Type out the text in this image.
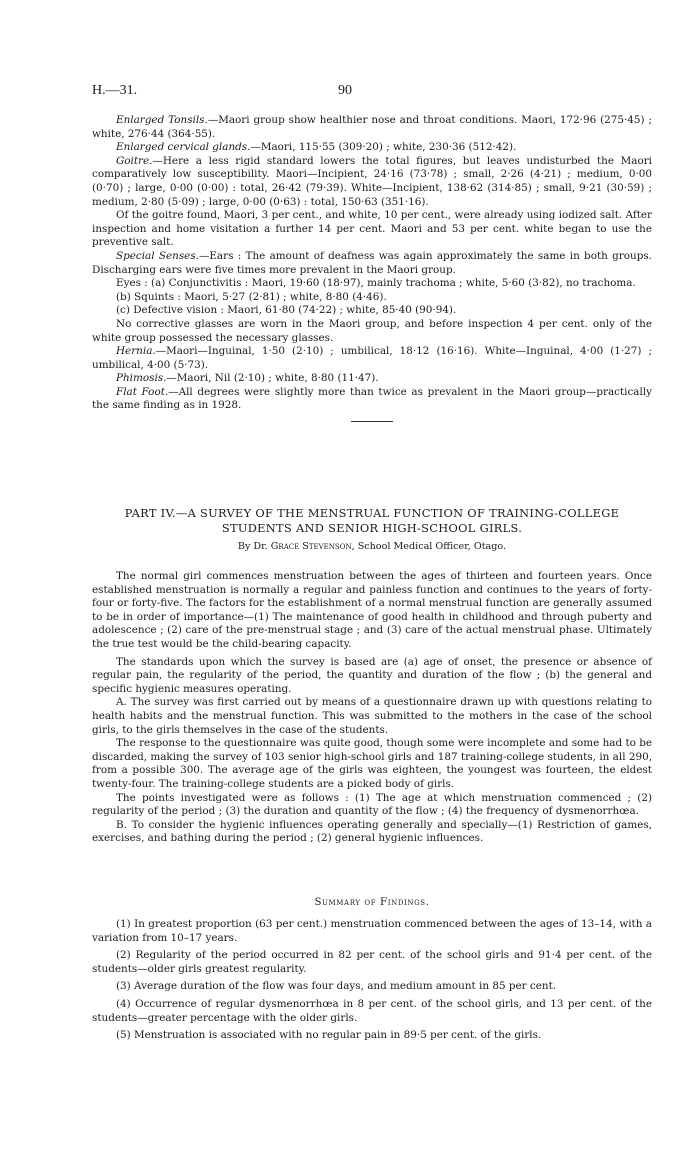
H.—31.	90

Enlarged Tonsils.—Maori group show healthier nose and throat conditions. Maori, 172·96 (275·45) ; white, 276·44 (364·55).

Enlarged cervical glands.—Maori, 115·55 (309·20) ; white, 230·36 (512·42).

Goitre.—Here a less rigid standard lowers the total figures, but leaves undisturbed the Maori comparatively low susceptibility. Maori—Incipient, 24·16 (73·78) ; small, 2·26 (4·21) ; medium, 0·00 (0·70) ; large, 0·00 (0·00) : total, 26·42 (79·39). White—Incipient, 138·62 (314·85) ; small, 9·21 (30·59) ; medium, 2·80 (5·09) ; large, 0·00 (0·63) : total, 150·63 (351·16).

Of the goitre found, Maori, 3 per cent., and white, 10 per cent., were already using iodized salt. After inspection and home visitation a further 14 per cent. Maori and 53 per cent. white began to use the preventive salt.

Special Senses.—Ears : The amount of deafness was again approximately the same in both groups. Discharging ears were five times more prevalent in the Maori group.

Eyes : (a) Conjunctivitis : Maori, 19·60 (18·97), mainly trachoma ; white, 5·60 (3·82), no trachoma.

(b) Squints : Maori, 5·27 (2·81) ; white, 8·80 (4·46).

(c) Defective vision : Maori, 61·80 (74·22) ; white, 85·40 (90·94).

No corrective glasses are worn in the Maori group, and before inspection 4 per cent. only of the white group possessed the necessary glasses.

Hernia.—Maori—Inguinal, 1·50 (2·10) ; umbilical, 18·12 (16·16). White—Inguinal, 4·00 (1·27) ; umbilical, 4·00 (5·73).

Phimosis.—Maori, Nil (2·10) ; white, 8·80 (11·47).

Flat Foot.—All degrees were slightly more than twice as prevalent in the Maori group—practically the same finding as in 1928.

PART IV.—A SURVEY OF THE MENSTRUAL FUNCTION OF TRAINING-COLLEGE
STUDENTS AND SENIOR HIGH-SCHOOL GIRLS.
By Dr. Grace Stevenson, School Medical Officer, Otago.

The normal girl commences menstruation between the ages of thirteen and fourteen years. Once established menstruation is normally a regular and painless function and continues to the years of forty-four or forty-five. The factors for the establishment of a normal menstrual function are generally assumed to be in order of importance—(1) The maintenance of good health in childhood and through puberty and adolescence ; (2) care of the pre-menstrual stage ; and (3) care of the actual menstrual phase. Ultimately the true test would be the child-bearing capacity.

The standards upon which the survey is based are (a) age of onset, the presence or absence of regular pain, the regularity of the period, the quantity and duration of the flow ; (b) the general and specific hygienic measures operating.

A. The survey was first carried out by means of a questionnaire drawn up with questions relating to health habits and the menstrual function. This was submitted to the mothers in the case of the school girls, to the girls themselves in the case of the students.

The response to the questionnaire was quite good, though some were incomplete and some had to be discarded, making the survey of 103 senior high-school girls and 187 training-college students, in all 290, from a possible 300. The average age of the girls was eighteen, the youngest was fourteen, the eldest twenty-four. The training-college students are a picked body of girls.

The points investigated were as follows : (1) The age at which menstruation commenced ; (2) regularity of the period ; (3) the duration and quantity of the flow ; (4) the frequency of dysmenorrhœa.

B. To consider the hygienic influences operating generally and specially—(1) Restriction of games, exercises, and bathing during the period ; (2) general hygienic influences.

Summary of Findings.

(1) In greatest proportion (63 per cent.) menstruation commenced between the ages of 13–14, with a variation from 10–17 years.

(2) Regularity of the period occurred in 82 per cent. of the school girls and 91·4 per cent. of the students—older girls greatest regularity.

(3) Average duration of the flow was four days, and medium amount in 85 per cent.

(4) Occurrence of regular dysmenorrhœa in 8 per cent. of the school girls, and 13 per cent. of the students—greater percentage with the older girls.

(5) Menstruation is associated with no regular pain in 89·5 per cent. of the girls.
